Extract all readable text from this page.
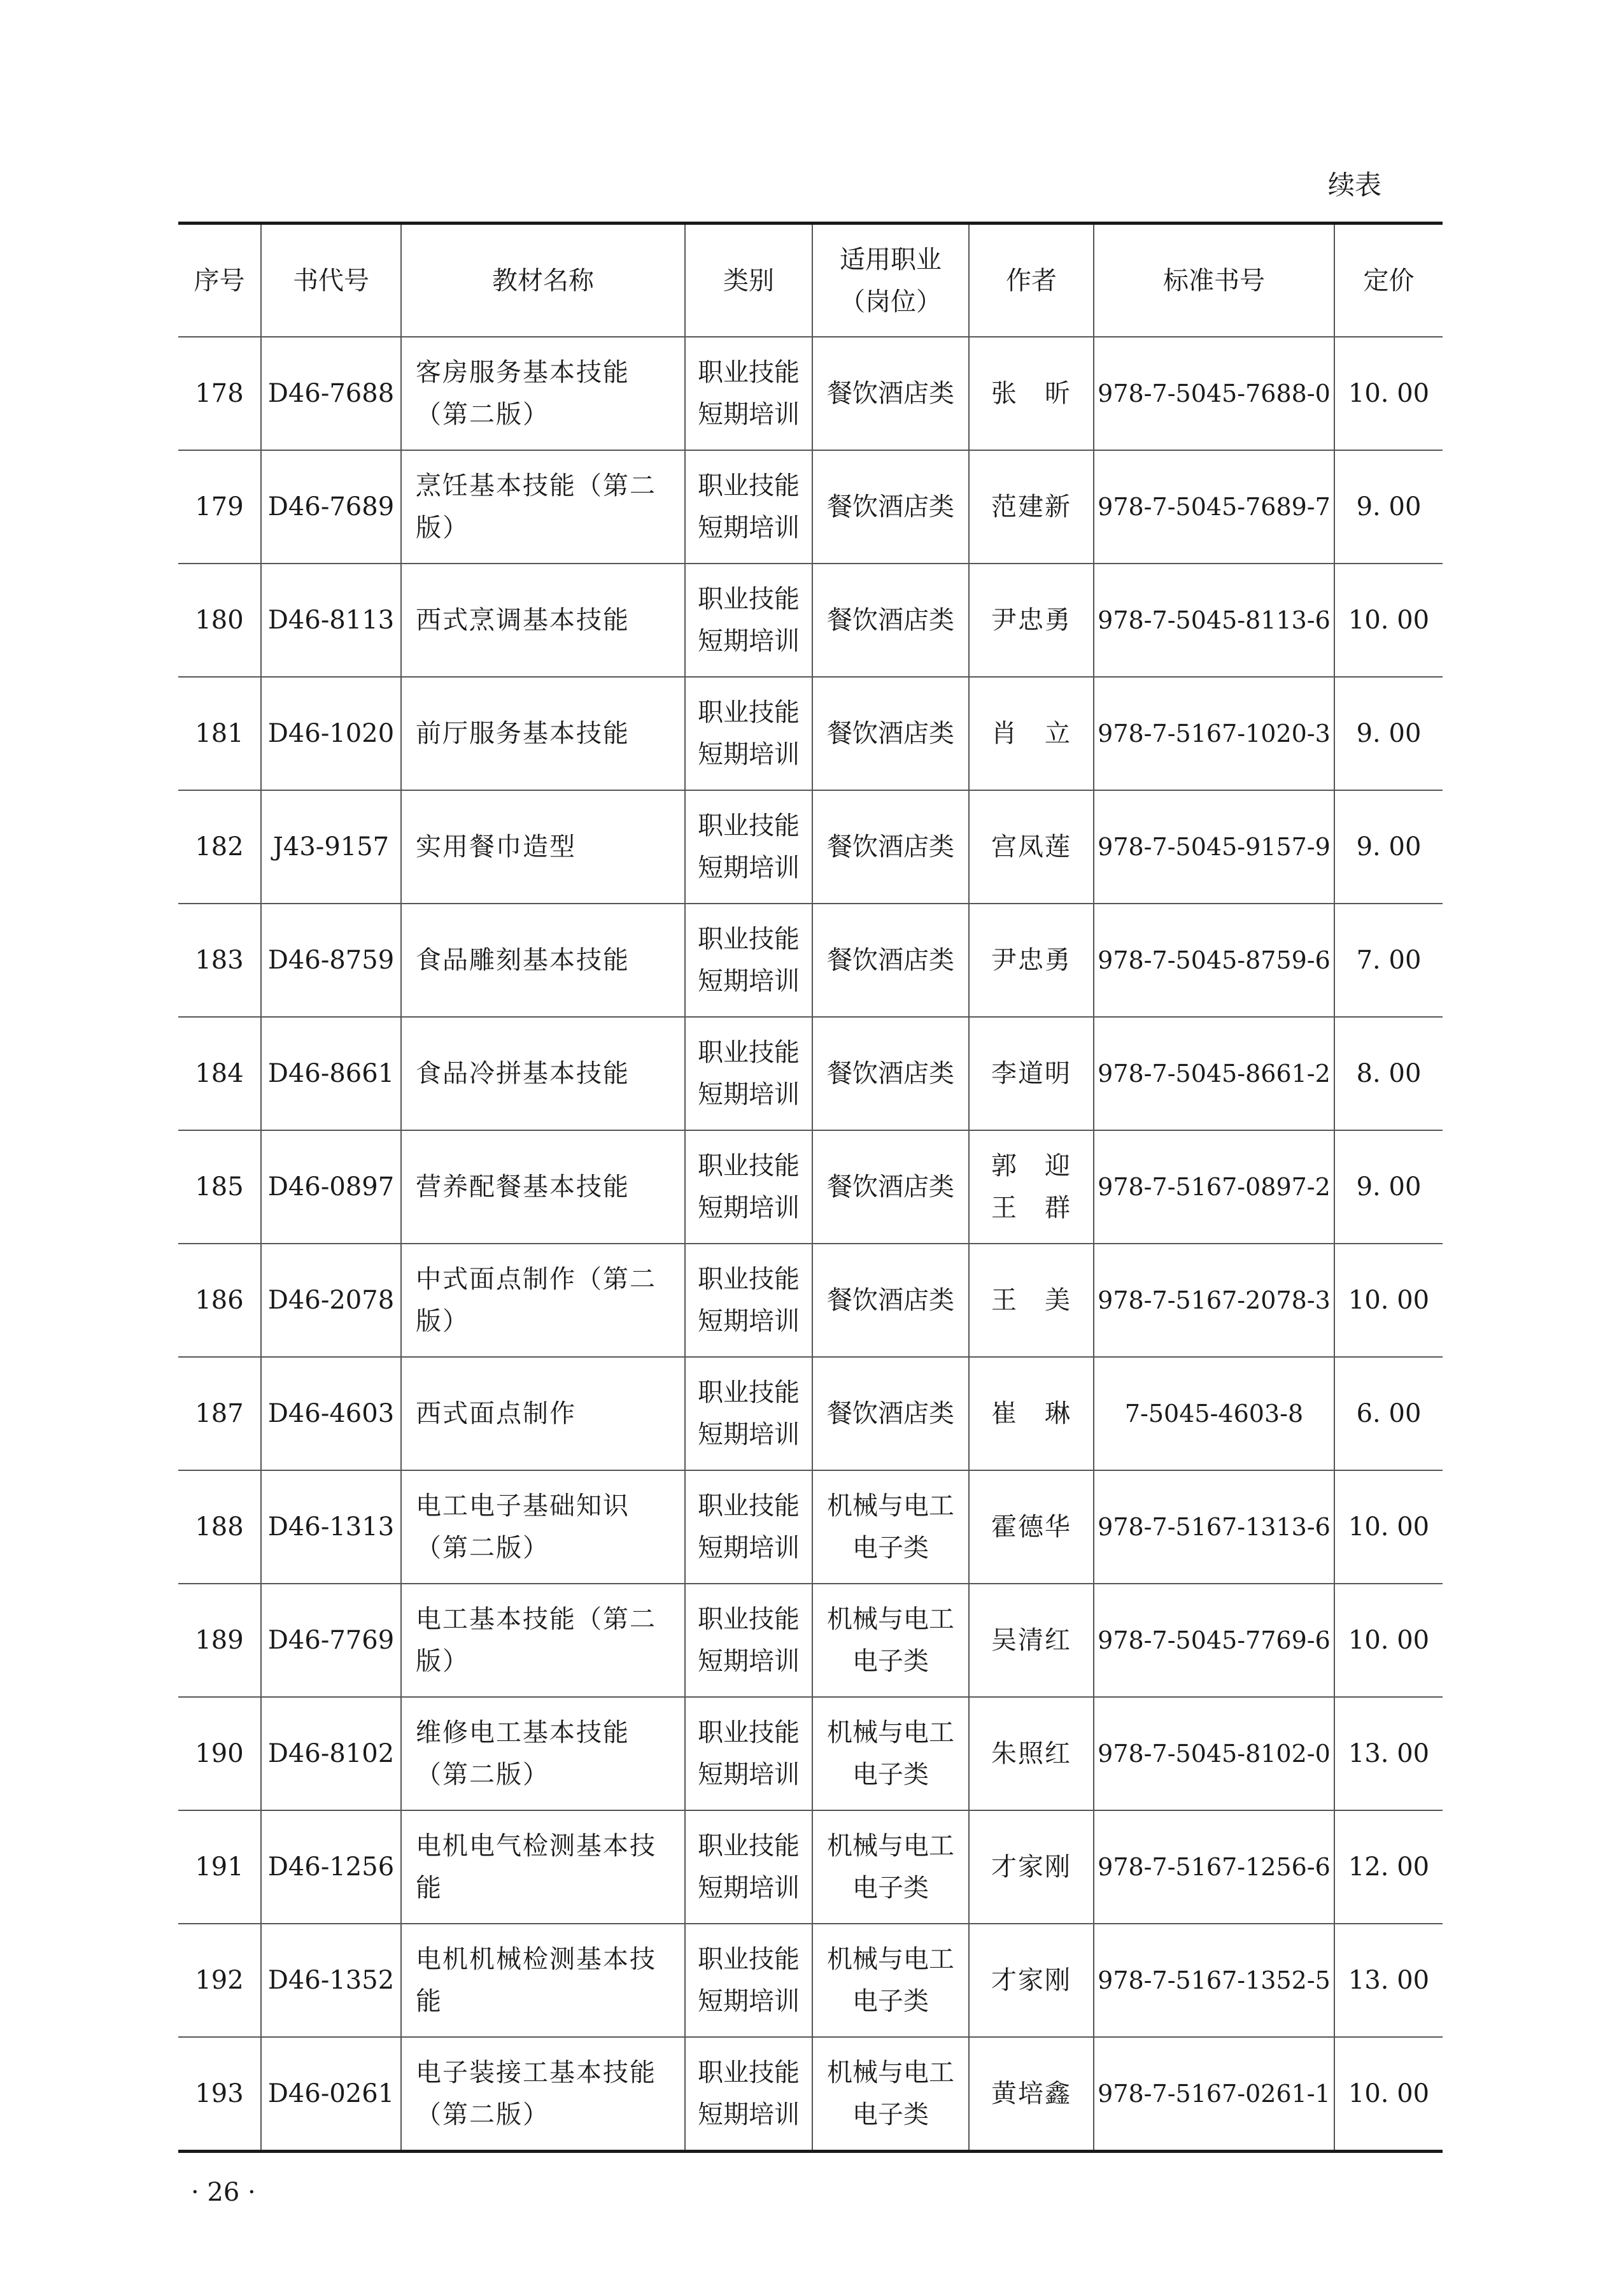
续表
序号	书代号	教材名称	类别	适用职业（岗位）	作者	标准书号	定价
178	D46-7688	客房服务基本技能（第二版）	职业技能短期培训	餐饮酒店类	张　昕	978-7-5045-7688-0	10. 00
179	D46-7689	烹饪基本技能（第二版）	职业技能短期培训	餐饮酒店类	范建新	978-7-5045-7689-7	9. 00
180	D46-8113	西式烹调基本技能	职业技能短期培训	餐饮酒店类	尹忠勇	978-7-5045-8113-6	10. 00
181	D46-1020	前厅服务基本技能	职业技能短期培训	餐饮酒店类	肖　立	978-7-5167-1020-3	9. 00
182	J43-9157	实用餐巾造型	职业技能短期培训	餐饮酒店类	宫凤莲	978-7-5045-9157-9	9. 00
183	D46-8759	食品雕刻基本技能	职业技能短期培训	餐饮酒店类	尹忠勇	978-7-5045-8759-6	7. 00
184	D46-8661	食品冷拼基本技能	职业技能短期培训	餐饮酒店类	李道明	978-7-5045-8661-2	8. 00
185	D46-0897	营养配餐基本技能	职业技能短期培训	餐饮酒店类	郭　迎 王　群	978-7-5167-0897-2	9. 00
186	D46-2078	中式面点制作（第二版）	职业技能短期培训	餐饮酒店类	王　美	978-7-5167-2078-3	10. 00
187	D46-4603	西式面点制作	职业技能短期培训	餐饮酒店类	崔　琳	7-5045-4603-8	6. 00
188	D46-1313	电工电子基础知识（第二版）	职业技能短期培训	机械与电工电子类	霍德华	978-7-5167-1313-6	10. 00
189	D46-7769	电工基本技能（第二版）	职业技能短期培训	机械与电工电子类	吴清红	978-7-5045-7769-6	10. 00
190	D46-8102	维修电工基本技能（第二版）	职业技能短期培训	机械与电工电子类	朱照红	978-7-5045-8102-0	13. 00
191	D46-1256	电机电气检测基本技能	职业技能短期培训	机械与电工电子类	才家刚	978-7-5167-1256-6	12. 00
192	D46-1352	电机机械检测基本技能	职业技能短期培训	机械与电工电子类	才家刚	978-7-5167-1352-5	13. 00
193	D46-0261	电子装接工基本技能（第二版）	职业技能短期培训	机械与电工电子类	黄培鑫	978-7-5167-0261-1	10. 00
· 26 ·
